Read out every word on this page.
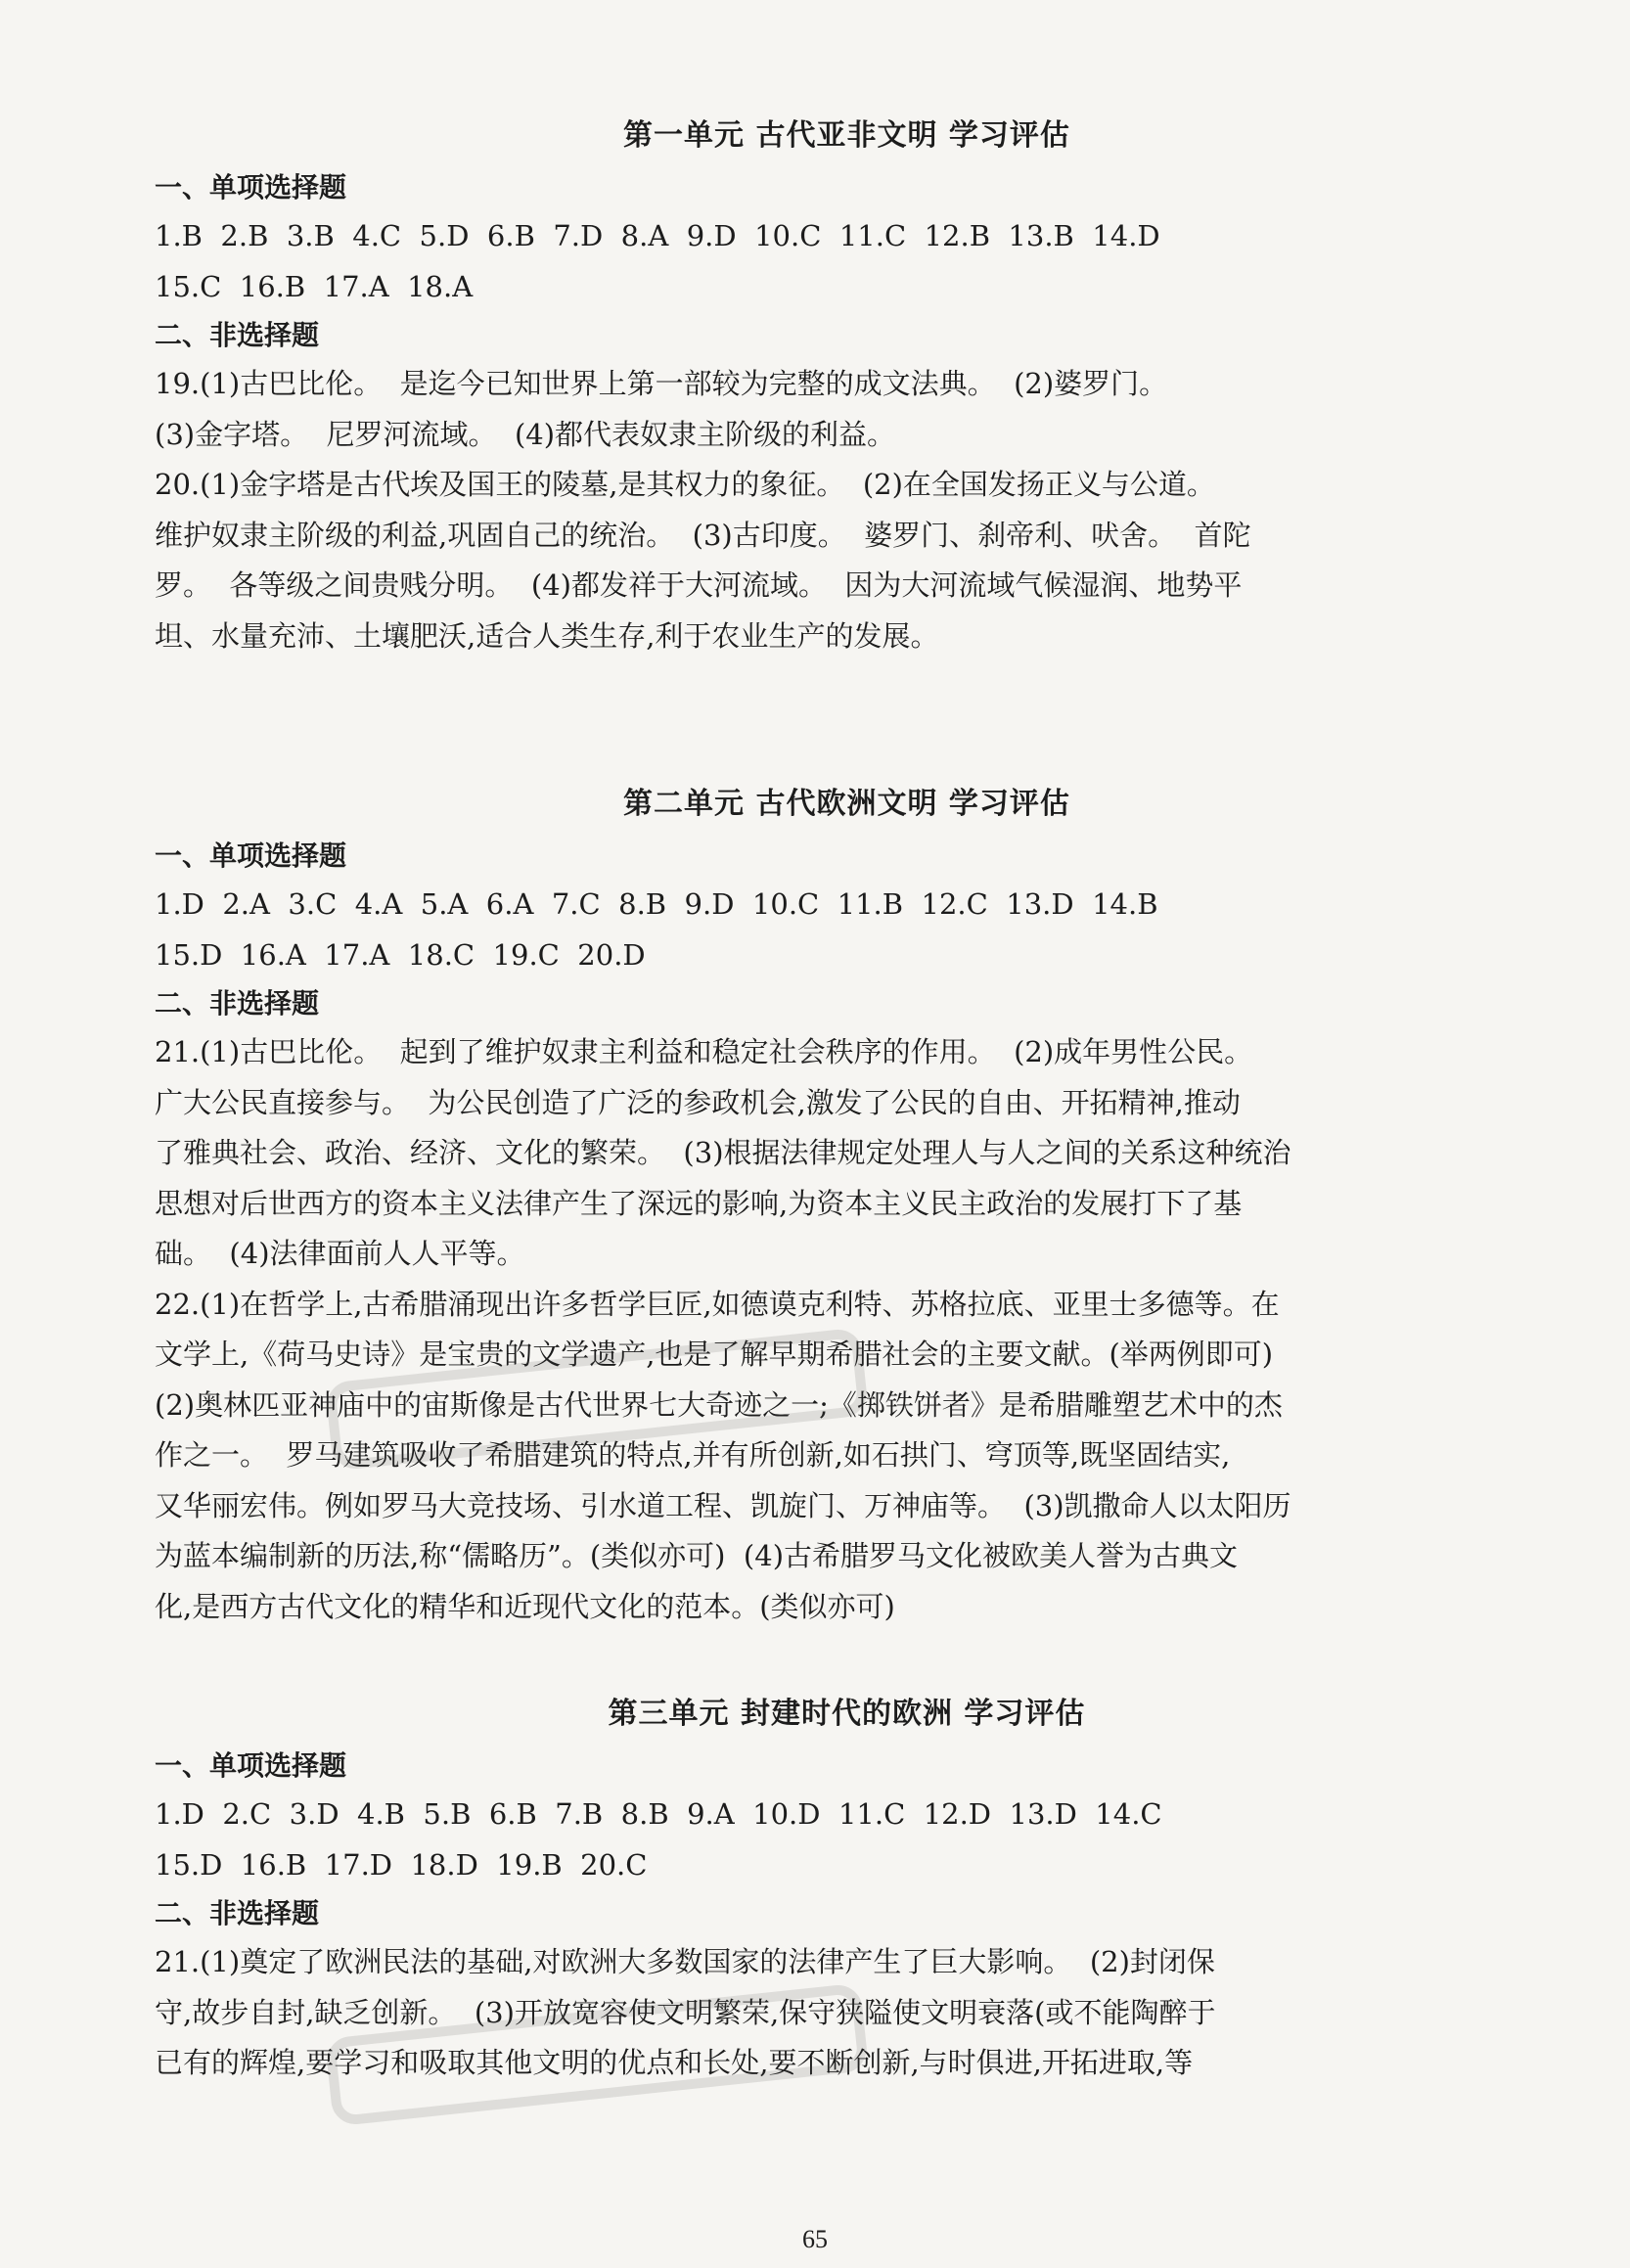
第一单元 古代亚非文明 学习评估
一、单项选择题

1.B  2.B  3.B  4.C  5.D  6.B  7.D  8.A  9.D  10.C  11.C  12.B  13.B  14.D

15.C  16.B  17.A  18.A

二、非选择题

19.(1)古巴比伦。  是迄今已知世界上第一部较为完整的成文法典。  (2)婆罗门。

(3)金字塔。  尼罗河流域。  (4)都代表奴隶主阶级的利益。

20.(1)金字塔是古代埃及国王的陵墓,是其权力的象征。  (2)在全国发扬正义与公道。

维护奴隶主阶级的利益,巩固自己的统治。  (3)古印度。  婆罗门、刹帝利、吠舍。  首陀

罗。  各等级之间贵贱分明。  (4)都发祥于大河流域。  因为大河流域气候湿润、地势平

坦、水量充沛、土壤肥沃,适合人类生存,利于农业生产的发展。

第二单元 古代欧洲文明 学习评估
一、单项选择题

1.D  2.A  3.C  4.A  5.A  6.A  7.C  8.B  9.D  10.C  11.B  12.C  13.D  14.B

15.D  16.A  17.A  18.C  19.C  20.D

二、非选择题

21.(1)古巴比伦。  起到了维护奴隶主利益和稳定社会秩序的作用。  (2)成年男性公民。

广大公民直接参与。  为公民创造了广泛的参政机会,激发了公民的自由、开拓精神,推动

了雅典社会、政治、经济、文化的繁荣。  (3)根据法律规定处理人与人之间的关系这种统治

思想对后世西方的资本主义法律产生了深远的影响,为资本主义民主政治的发展打下了基

础。  (4)法律面前人人平等。

22.(1)在哲学上,古希腊涌现出许多哲学巨匠,如德谟克利特、苏格拉底、亚里士多德等。在

文学上,《荷马史诗》是宝贵的文学遗产,也是了解早期希腊社会的主要文献。(举两例即可)

(2)奥林匹亚神庙中的宙斯像是古代世界七大奇迹之一;《掷铁饼者》是希腊雕塑艺术中的杰

作之一。  罗马建筑吸收了希腊建筑的特点,并有所创新,如石拱门、穹顶等,既坚固结实,

又华丽宏伟。例如罗马大竞技场、引水道工程、凯旋门、万神庙等。  (3)凯撒命人以太阳历

为蓝本编制新的历法,称“儒略历”。(类似亦可)  (4)古希腊罗马文化被欧美人誉为古典文

化,是西方古代文化的精华和近现代文化的范本。(类似亦可)

第三单元 封建时代的欧洲 学习评估
一、单项选择题

1.D  2.C  3.D  4.B  5.B  6.B  7.B  8.B  9.A  10.D  11.C  12.D  13.D  14.C

15.D  16.B  17.D  18.D  19.B  20.C

二、非选择题

21.(1)奠定了欧洲民法的基础,对欧洲大多数国家的法律产生了巨大影响。  (2)封闭保

守,故步自封,缺乏创新。  (3)开放宽容使文明繁荣,保守狭隘使文明衰落(或不能陶醉于

已有的辉煌,要学习和吸取其他文明的优点和长处,要不断创新,与时俱进,开拓进取,等

65
